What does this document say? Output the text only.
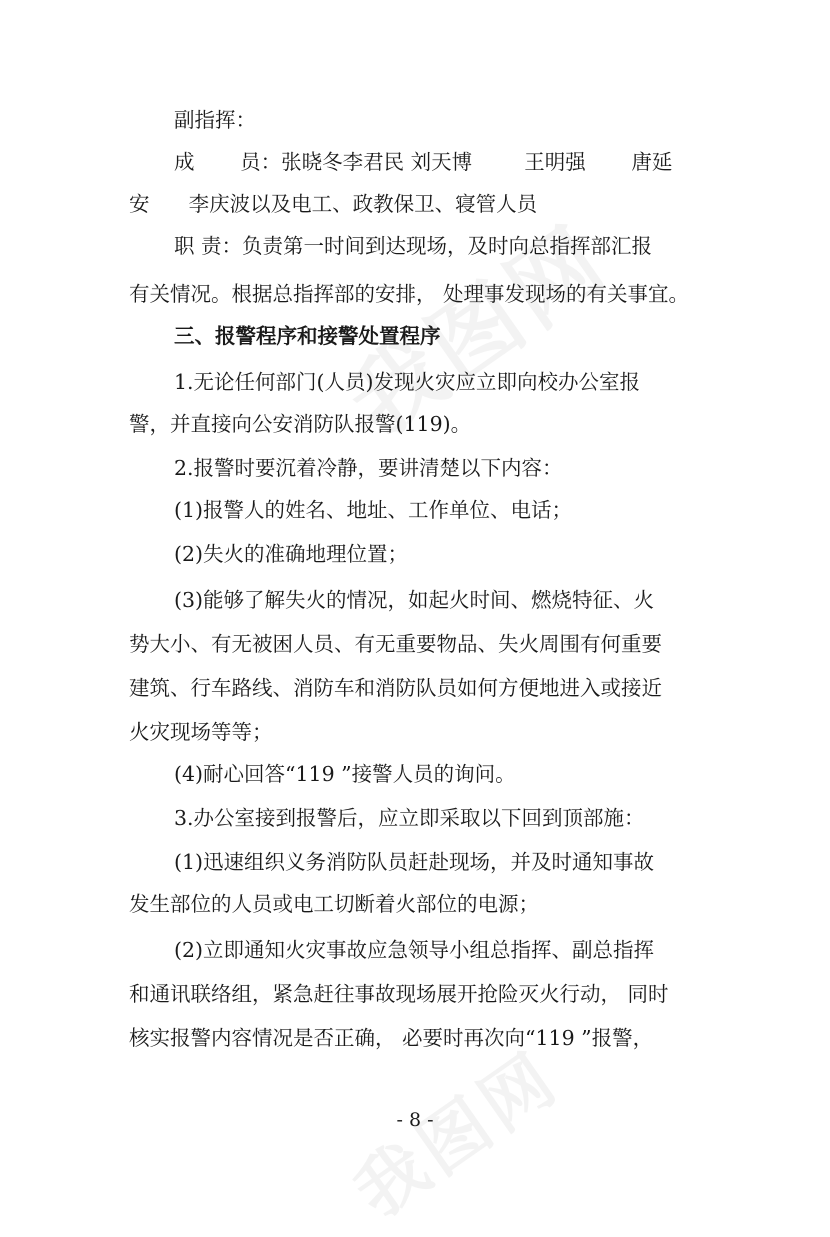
副指挥：
成       员：张晓冬李君民 刘天博        王明强       唐延
安      李庆波以及电工、政教保卫、寝管人员
职 责：负责第一时间到达现场，及时向总指挥部汇报
有关情况。根据总指挥部的安排， 处理事发现场的有关事宜。
三、报警程序和接警处置程序
1.无论任何部门(人员)发现火灾应立即向校办公室报
警，并直接向公安消防队报警(119)。
2.报警时要沉着冷静，要讲清楚以下内容：
(1)报警人的姓名、地址、工作单位、电话；
(2)失火的准确地理位置；
(3)能够了解失火的情况，如起火时间、燃烧特征、火
势大小、有无被困人员、有无重要物品、失火周围有何重要
建筑、行车路线、消防车和消防队员如何方便地进入或接近
火灾现场等等；
(4)耐心回答“119 ”接警人员的询问。
3.办公室接到报警后，应立即采取以下回到顶部施：
(1)迅速组织义务消防队员赶赴现场，并及时通知事故
发生部位的人员或电工切断着火部位的电源；
(2)立即通知火灾事故应急领导小组总指挥、副总指挥
和通讯联络组，紧急赶往事故现场展开抢险灭火行动， 同时
核实报警内容情况是否正确， 必要时再次向“119 ”报警，
- 8 -
